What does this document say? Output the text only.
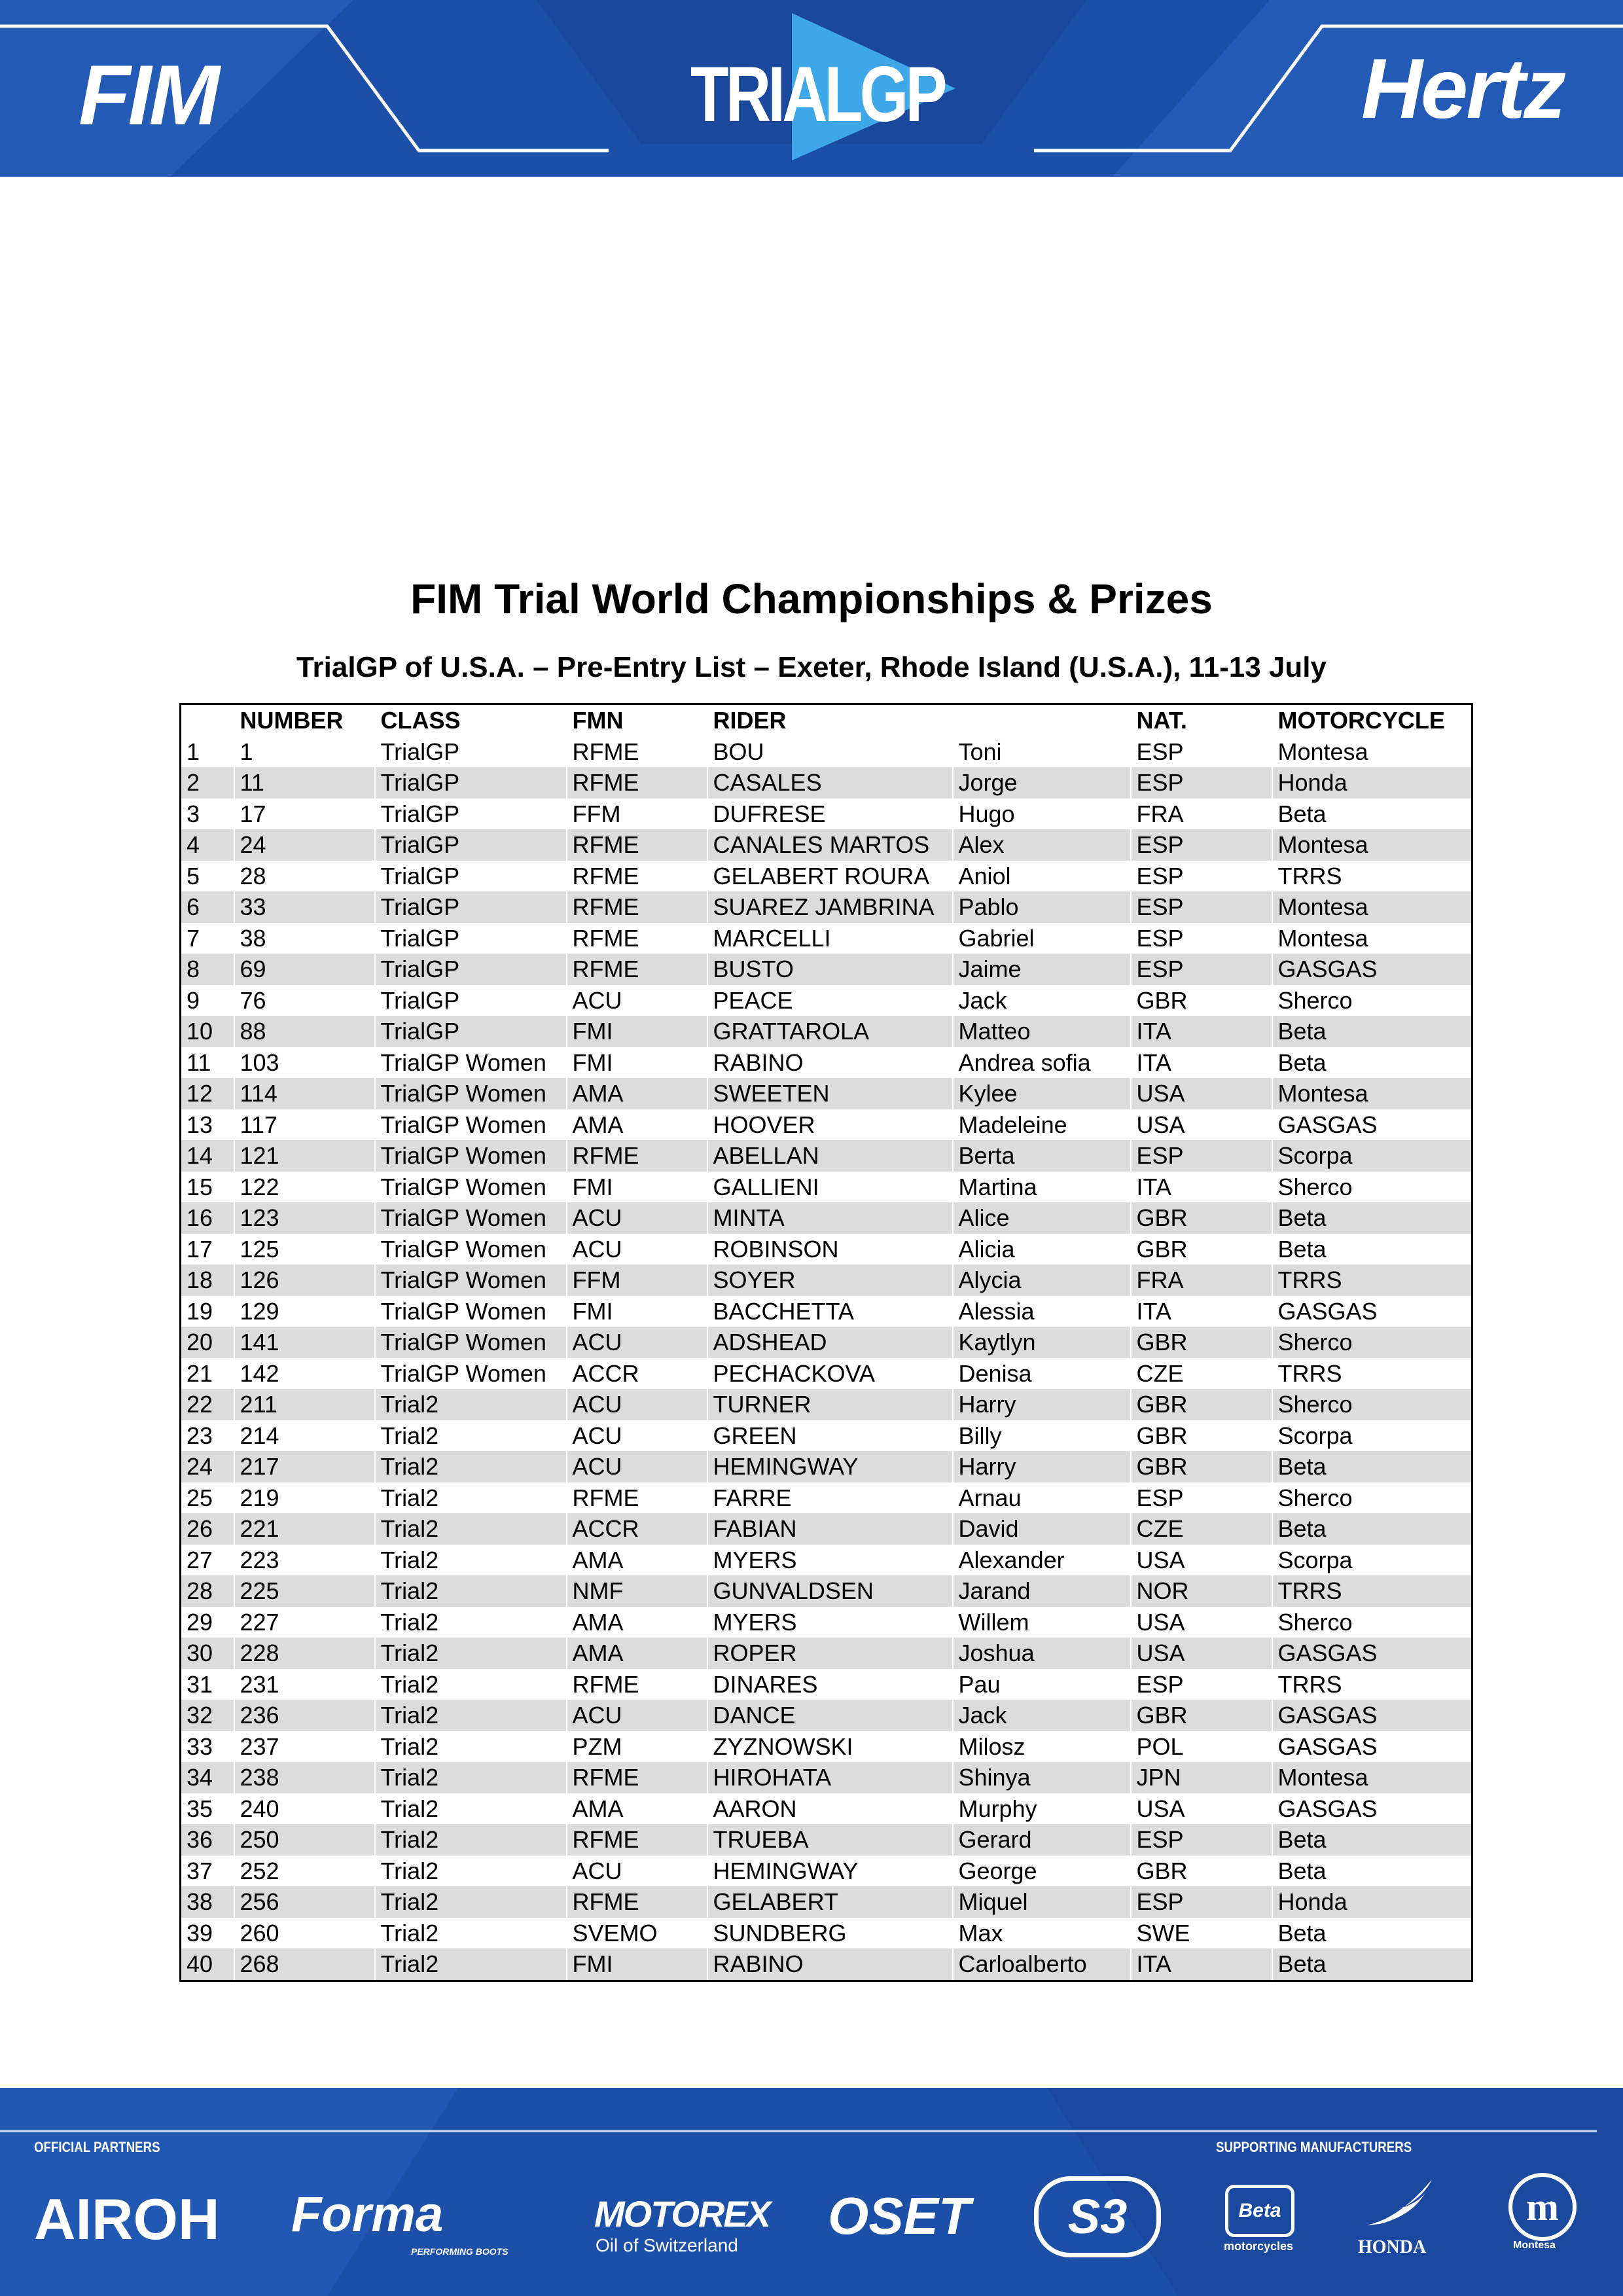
FIM	TRIALGP	Hertz
FIM Trial World Championships & Prizes
TrialGP of U.S.A. – Pre-Entry List – Exeter, Rhode Island (U.S.A.), 11-13 July
	NUMBER	CLASS	FMN	RIDER		NAT.	MOTORCYCLE
1	1	TrialGP	RFME	BOU	Toni	ESP	Montesa
2	11	TrialGP	RFME	CASALES	Jorge	ESP	Honda
3	17	TrialGP	FFM	DUFRESE	Hugo	FRA	Beta
4	24	TrialGP	RFME	CANALES MARTOS	Alex	ESP	Montesa
5	28	TrialGP	RFME	GELABERT ROURA	Aniol	ESP	TRRS
6	33	TrialGP	RFME	SUAREZ JAMBRINA	Pablo	ESP	Montesa
7	38	TrialGP	RFME	MARCELLI	Gabriel	ESP	Montesa
8	69	TrialGP	RFME	BUSTO	Jaime	ESP	GASGAS
9	76	TrialGP	ACU	PEACE	Jack	GBR	Sherco
10	88	TrialGP	FMI	GRATTAROLA	Matteo	ITA	Beta
11	103	TrialGP Women	FMI	RABINO	Andrea sofia	ITA	Beta
12	114	TrialGP Women	AMA	SWEETEN	Kylee	USA	Montesa
13	117	TrialGP Women	AMA	HOOVER	Madeleine	USA	GASGAS
14	121	TrialGP Women	RFME	ABELLAN	Berta	ESP	Scorpa
15	122	TrialGP Women	FMI	GALLIENI	Martina	ITA	Sherco
16	123	TrialGP Women	ACU	MINTA	Alice	GBR	Beta
17	125	TrialGP Women	ACU	ROBINSON	Alicia	GBR	Beta
18	126	TrialGP Women	FFM	SOYER	Alycia	FRA	TRRS
19	129	TrialGP Women	FMI	BACCHETTA	Alessia	ITA	GASGAS
20	141	TrialGP Women	ACU	ADSHEAD	Kaytlyn	GBR	Sherco
21	142	TrialGP Women	ACCR	PECHACKOVA	Denisa	CZE	TRRS
22	211	Trial2	ACU	TURNER	Harry	GBR	Sherco
23	214	Trial2	ACU	GREEN	Billy	GBR	Scorpa
24	217	Trial2	ACU	HEMINGWAY	Harry	GBR	Beta
25	219	Trial2	RFME	FARRE	Arnau	ESP	Sherco
26	221	Trial2	ACCR	FABIAN	David	CZE	Beta
27	223	Trial2	AMA	MYERS	Alexander	USA	Scorpa
28	225	Trial2	NMF	GUNVALDSEN	Jarand	NOR	TRRS
29	227	Trial2	AMA	MYERS	Willem	USA	Sherco
30	228	Trial2	AMA	ROPER	Joshua	USA	GASGAS
31	231	Trial2	RFME	DINARES	Pau	ESP	TRRS
32	236	Trial2	ACU	DANCE	Jack	GBR	GASGAS
33	237	Trial2	PZM	ZYZNOWSKI	Milosz	POL	GASGAS
34	238	Trial2	RFME	HIROHATA	Shinya	JPN	Montesa
35	240	Trial2	AMA	AARON	Murphy	USA	GASGAS
36	250	Trial2	RFME	TRUEBA	Gerard	ESP	Beta
37	252	Trial2	ACU	HEMINGWAY	George	GBR	Beta
38	256	Trial2	RFME	GELABERT	Miquel	ESP	Honda
39	260	Trial2	SVEMO	SUNDBERG	Max	SWE	Beta
40	268	Trial2	FMI	RABINO	Carloalberto	ITA	Beta
OFFICIAL PARTNERS	SUPPORTING MANUFACTURERS
AIROH Forma
PERFORMING BOOTS
MOTOREX
Oil of Switzerland
OSET	S3	Beta
motorcycles	HONDA
m
Montesa
